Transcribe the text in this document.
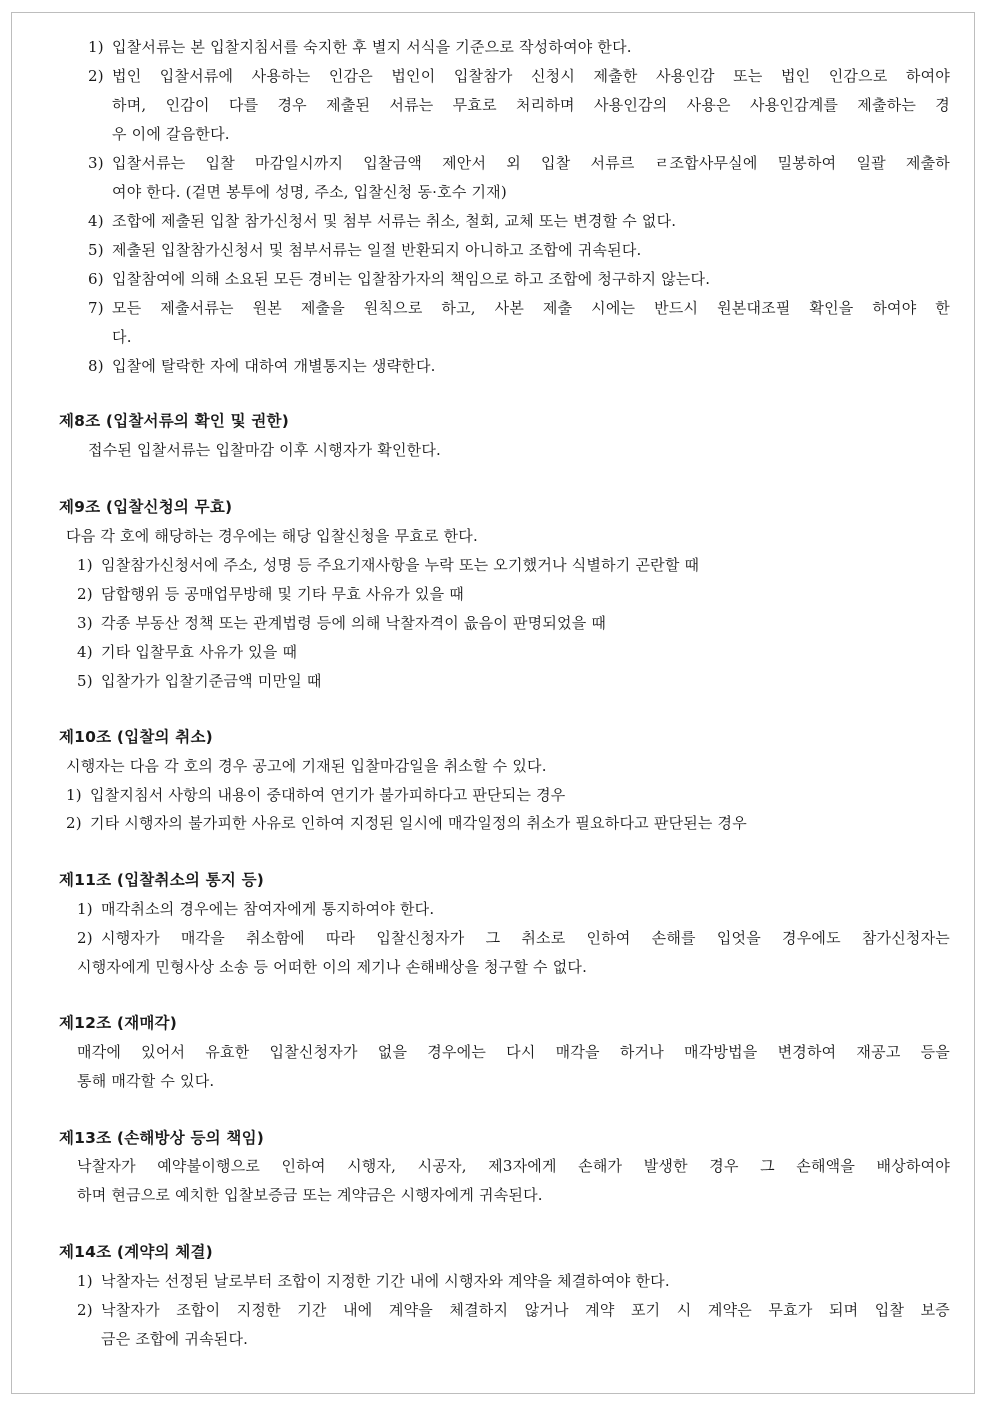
1) 입찰서류는 본 입찰지침서를 숙지한 후 별지 서식을 기준으로 작성하여야 한다.
2) 법인 입찰서류에 사용하는 인감은 법인이 입찰참가 신청시 제출한 사용인감 또는 법인 인감으로 하여야
하며, 인감이 다를 경우 제출된 서류는 무효로 처리하며 사용인감의 사용은 사용인감계를 제출하는 경
우 이에 갈음한다.
3) 입찰서류는 입찰 마감일시까지 입찰금액 제안서 외 입찰 서류르 ㄹ조합사무실에 밀봉하여 일괄 제출하
여야 한다. (겉면 봉투에 성명, 주소, 입찰신청 동·호수 기재)
4) 조합에 제출된 입찰 참가신청서 및 첨부 서류는 취소, 철회, 교체 또는 변경할 수 없다.
5) 제출된 입찰참가신청서 및 첨부서류는 일절 반환되지 아니하고 조합에 귀속된다.
6) 입찰참여에 의해 소요된 모든 경비는 입찰참가자의 책임으로 하고 조합에 청구하지 않는다.
7) 모든 제출서류는 원본 제출을 원칙으로 하고, 사본 제출 시에는 반드시 원본대조필 확인을 하여야 한
다.
8) 입찰에 탈락한 자에 대하여 개별통지는 생략한다.
제8조 (입찰서류의 확인 및 권한)
접수된 입찰서류는 입찰마감 이후 시행자가 확인한다.
제9조 (입찰신청의 무효)
다음 각 호에 해당하는 경우에는 해당 입찰신청을 무효로 한다.
1) 임찰참가신청서에 주소, 성명 등 주요기재사항을 누락 또는 오기했거나 식별하기 곤란할 때
2) 담합행위 등 공매업무방해 및 기타 무효 사유가 있을 때
3) 각종 부동산 정책 또는 관계법령 등에 의해 낙찰자격이 읎음이 판명되었을 때
4) 기타 입찰무효 사유가 있을 때
5) 입찰가가 입찰기준금액 미만일 때
제10조 (입찰의 취소)
시행자는 다음 각 호의 경우 공고에 기재된 입찰마감일을 취소할 수 있다.
1) 입찰지침서 사항의 내용이 중대하여 연기가 불가피하다고 판단되는 경우
2) 기타 시행자의 불가피한 사유로 인하여 지정된 일시에 매각일정의 취소가 필요하다고 판단된는 경우
제11조 (입찰취소의 통지 등)
1) 매각취소의 경우에는 참여자에게 통지하여야 한다.
2) 시행자가 매각을 취소함에 따라 입찰신청자가 그 취소로 인하여 손해를 입엇을 경우에도 참가신청자는
시행자에게 민형사상 소송 등 어떠한 이의 제기나 손해배상을 청구할 수 없다.
제12조 (재매각)
매각에 있어서 유효한 입찰신청자가 없을 경우에는 다시 매각을 하거나 매각방법을 변경하여 재공고 등을
통해 매각할 수 있다.
제13조 (손해방상 등의 책임)
낙찰자가 예약불이행으로 인하여 시행자, 시공자, 제3자에게 손해가 발생한 경우 그 손해액을 배상하여야
하며 현금으로 예치한 입찰보증금 또는 계약금은 시행자에게 귀속된다.
제14조 (계약의 체결)
1) 낙찰자는 선정된 날로부터 조합이 지정한 기간 내에 시행자와 계약을 체결하여야 한다.
2) 낙찰자가 조합이 지정한 기간 내에 계약을 체결하지 않거나 계약 포기 시 계약은 무효가 되며 입찰 보증
금은 조합에 귀속된다.
